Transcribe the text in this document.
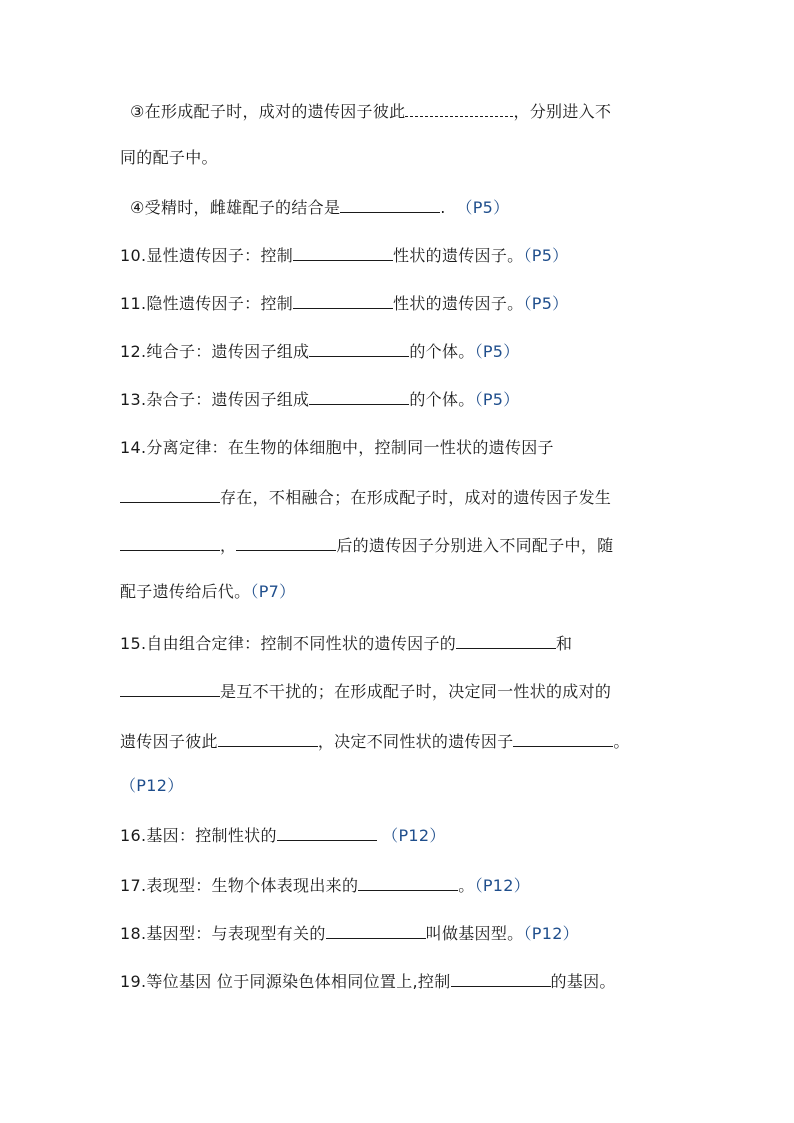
③在形成配子时，成对的遗传因子彼此	，分别进入不
同的配子中。
④受精时，雌雄配子的结合是	. （P5）
10.显性遗传因子：控制	性状的遗传因子。（P5）
11.隐性遗传因子：控制	性状的遗传因子。（P5）
12.纯合子：遗传因子组成	的个体。（P5）
13.杂合子：遗传因子组成	的个体。（P5）
14.分离定律：在生物的体细胞中，控制同一性状的遗传因子
存在，不相融合；在形成配子时，成对的遗传因子发生
，	后的遗传因子分别进入不同配子中，随
配子遗传给后代。（P7）
15.自由组合定律：控制不同性状的遗传因子的	和
是互不干扰的；在形成配子时，决定同一性状的成对的
遗传因子彼此	，决定不同性状的遗传因子	。
（P12）
16.基因：控制性状的	（P12）
17.表现型：生物个体表现出来的	。（P12）
18.基因型：与表现型有关的	叫做基因型。（P12）
19.等位基因 位于同源染色体相同位置上,控制	的基因。
